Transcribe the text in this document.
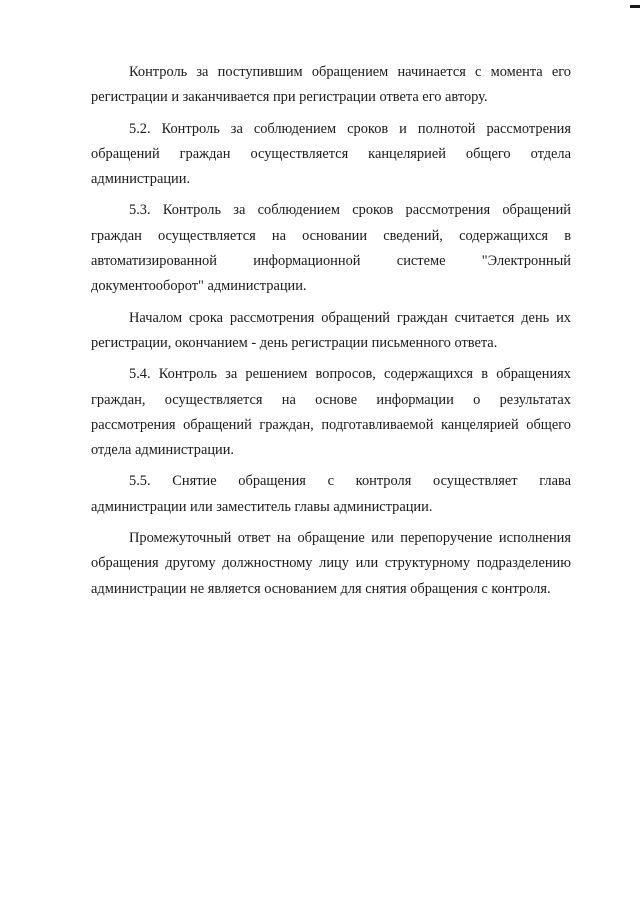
Контроль за поступившим обращением начинается с момента его
регистрации и заканчивается при регистрации ответа его автору.

5.2. Контроль за соблюдением сроков и полнотой рассмотрения
обращений граждан осуществляется канцелярией общего отдела
администрации.

5.3. Контроль за соблюдением сроков рассмотрения обращений
граждан осуществляется на основании сведений, содержащихся в
автоматизированной информационной системе "Электронный
документооборот" администрации.

Началом срока рассмотрения обращений граждан считается день их
регистрации, окончанием - день регистрации письменного ответа.

5.4. Контроль за решением вопросов, содержащихся в обращениях
граждан, осуществляется на основе информации о результатах
рассмотрения обращений граждан, подготавливаемой канцелярией общего
отдела администрации.

5.5. Снятие обращения с контроля осуществляет глава
администрации или заместитель главы администрации.

Промежуточный ответ на обращение или перепоручение исполнения
обращения другому должностному лицу или структурному подразделению
администрации не является основанием для снятия обращения с контроля.
